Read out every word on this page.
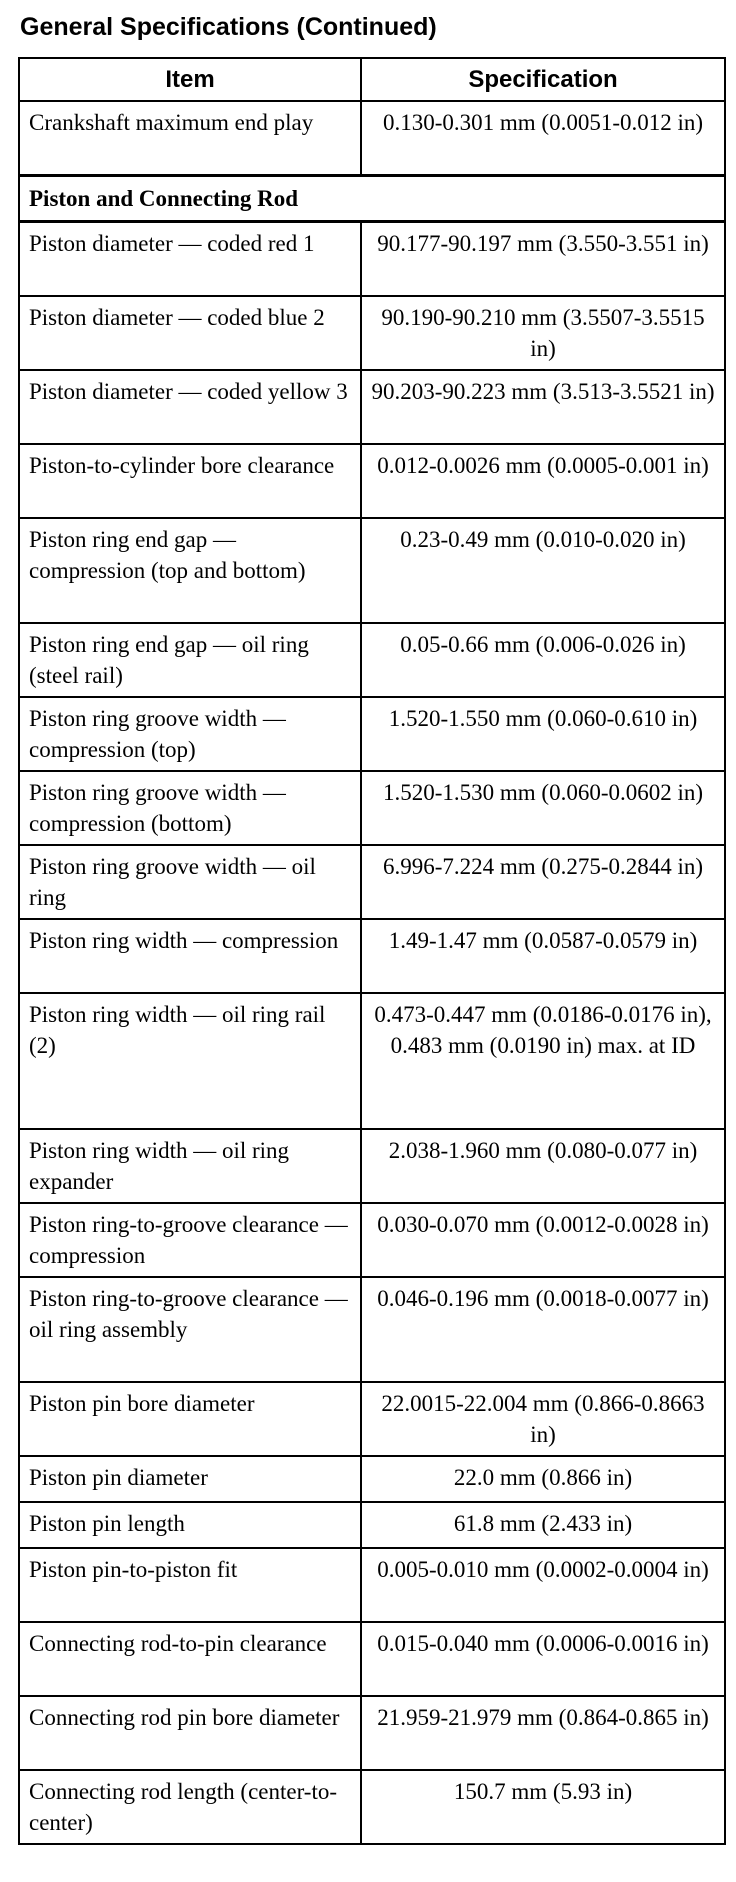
General Specifications (Continued)
Item	Specification
Crankshaft maximum end play	0.130-0.301 mm (0.0051-0.012 in)
Piston and Connecting Rod	
Piston diameter — coded red 1	90.177-90.197 mm (3.550-3.551 in)
Piston diameter — coded blue 2	90.190-90.210 mm (3.5507-3.5515 in)
Piston diameter — coded yellow 3	90.203-90.223 mm (3.513-3.5521 in)
Piston-to-cylinder bore clearance	0.012-0.0026 mm (0.0005-0.001 in)
Piston ring end gap — compression (top and bottom)	0.23-0.49 mm (0.010-0.020 in)
Piston ring end gap — oil ring (steel rail)	0.05-0.66 mm (0.006-0.026 in)
Piston ring groove width — compression (top)	1.520-1.550 mm (0.060-0.610 in)
Piston ring groove width — compression (bottom)	1.520-1.530 mm (0.060-0.0602 in)
Piston ring groove width — oil ring	6.996-7.224 mm (0.275-0.2844 in)
Piston ring width — compression	1.49-1.47 mm (0.0587-0.0579 in)
Piston ring width — oil ring rail (2)	0.473-0.447 mm (0.0186-0.0176 in), 0.483 mm (0.0190 in) max. at ID
Piston ring width — oil ring expander	2.038-1.960 mm (0.080-0.077 in)
Piston ring-to-groove clearance — compression	0.030-0.070 mm (0.0012-0.0028 in)
Piston ring-to-groove clearance — oil ring assembly	0.046-0.196 mm (0.0018-0.0077 in)
Piston pin bore diameter	22.0015-22.004 mm (0.866-0.8663 in)
Piston pin diameter	22.0 mm (0.866 in)
Piston pin length	61.8 mm (2.433 in)
Piston pin-to-piston fit	0.005-0.010 mm (0.0002-0.0004 in)
Connecting rod-to-pin clearance	0.015-0.040 mm (0.0006-0.0016 in)
Connecting rod pin bore diameter	21.959-21.979 mm (0.864-0.865 in)
Connecting rod length (center-to-center)	150.7 mm (5.93 in)
